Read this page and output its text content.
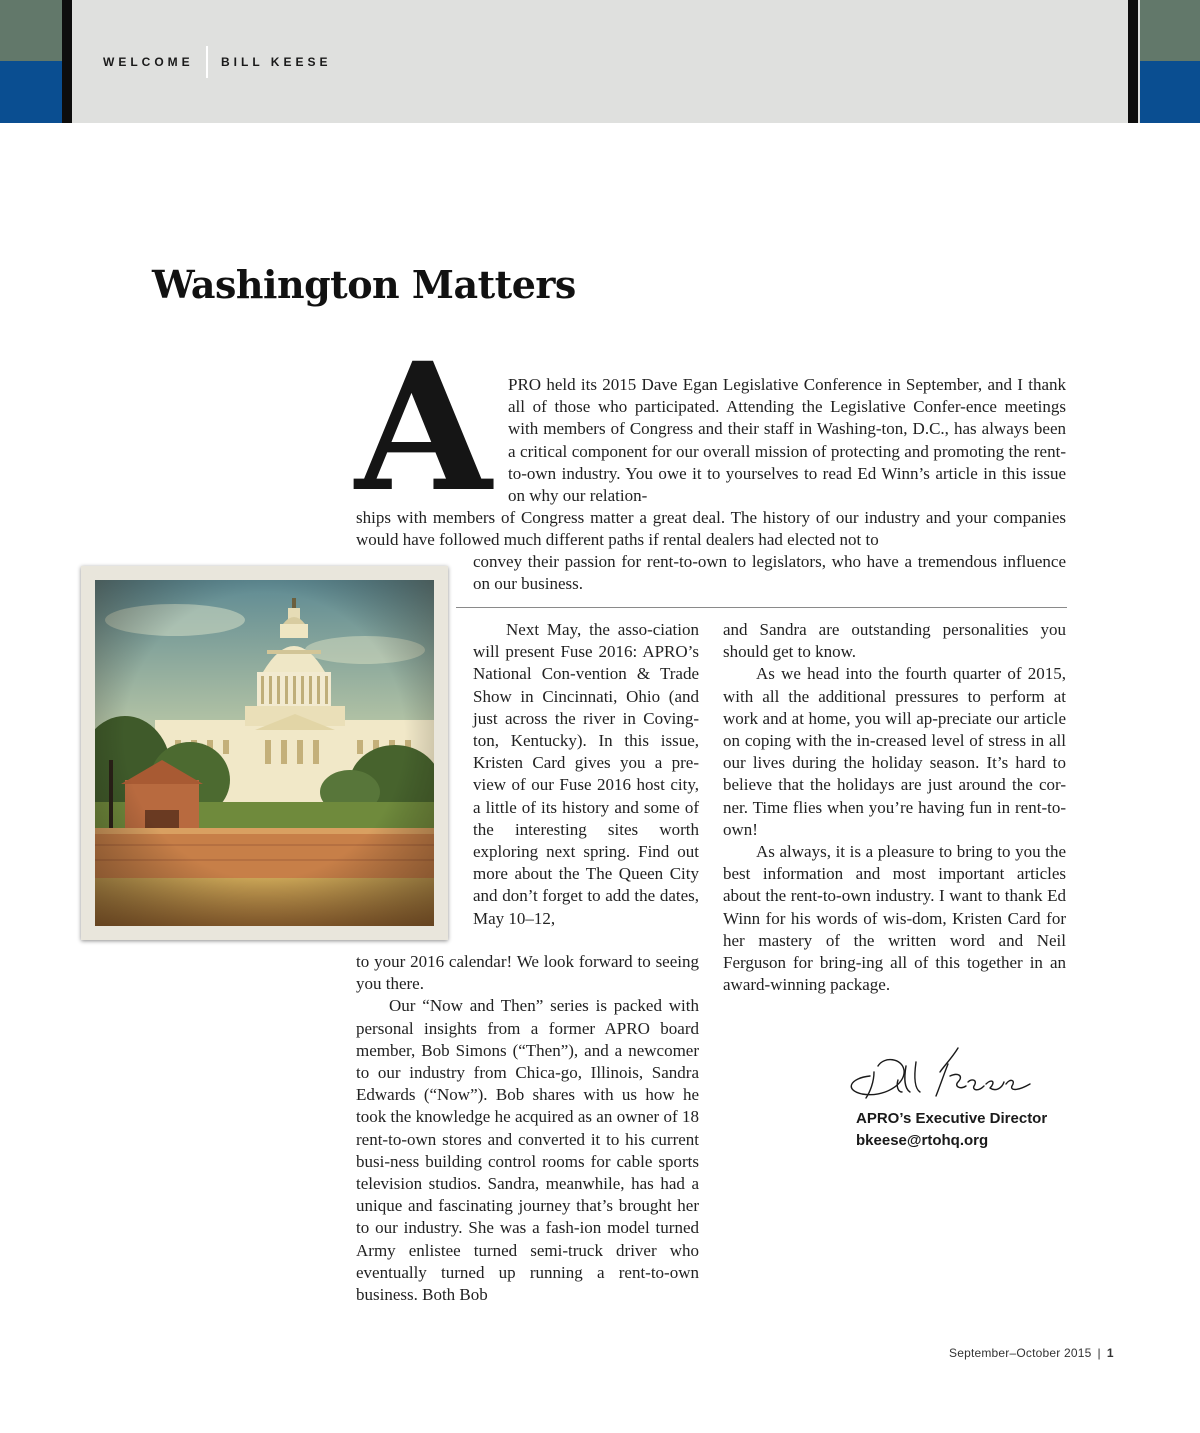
WELCOME BILL KEESE
Washington Matters
A PRO held its 2015 Dave Egan Legislative Conference in September, and I thank all of those who participated. Attending the Legislative Confer-ence meetings with members of Congress and their staff in Washing-ton, D.C., has always been a critical component for our overall mission of protecting and promoting the rent-to-own industry. You owe it to yourselves to read Ed Winn’s article in this issue on why our relation-

ships with members of Congress matter a great deal. The history of our industry and your companies would have followed much different paths if rental dealers had elected not to

convey their passion for rent-to-own to legislators, who have a tremendous influence on our business.

Next May, the asso-ciation will present Fuse 2016: APRO’s National Con-vention & Trade Show in Cincinnati, Ohio (and just across the river in Coving-ton, Kentucky). In this issue, Kristen Card gives you a pre-view of our Fuse 2016 host city, a little of its history and some of the interesting sites worth exploring next spring. Find out more about the The Queen City and don’t forget to add the dates, May 10–12,

to your 2016 calendar! We look forward to seeing you there.

Our “Now and Then” series is packed with personal insights from a former APRO board member, Bob Simons (“Then”), and a newcomer to our industry from Chica-go, Illinois, Sandra Edwards (“Now”). Bob shares with us how he took the knowledge he acquired as an owner of 18 rent-to-own stores and converted it to his current busi-ness building control rooms for cable sports television studios. Sandra, meanwhile, has had a unique and fascinating journey that’s brought her to our industry. She was a fash-ion model turned Army enlistee turned semi-truck driver who eventually turned up running a rent-to-own business. Both Bob

and Sandra are outstanding personalities you should get to know.

As we head into the fourth quarter of 2015, with all the additional pressures to perform at work and at home, you will ap-preciate our article on coping with the in-creased level of stress in all our lives during the holiday season. It’s hard to believe that the holidays are just around the cor-ner. Time flies when you’re having fun in rent-to-own!

As always, it is a pleasure to bring to you the best information and most important articles about the rent-to-own industry. I want to thank Ed Winn for his words of wis-dom, Kristen Card for her mastery of the written word and Neil Ferguson for bring-ing all of this together in an award-winning package.

APRO’s Executive Director
bkeese@rtohq.org
September–October 2015 | 1
